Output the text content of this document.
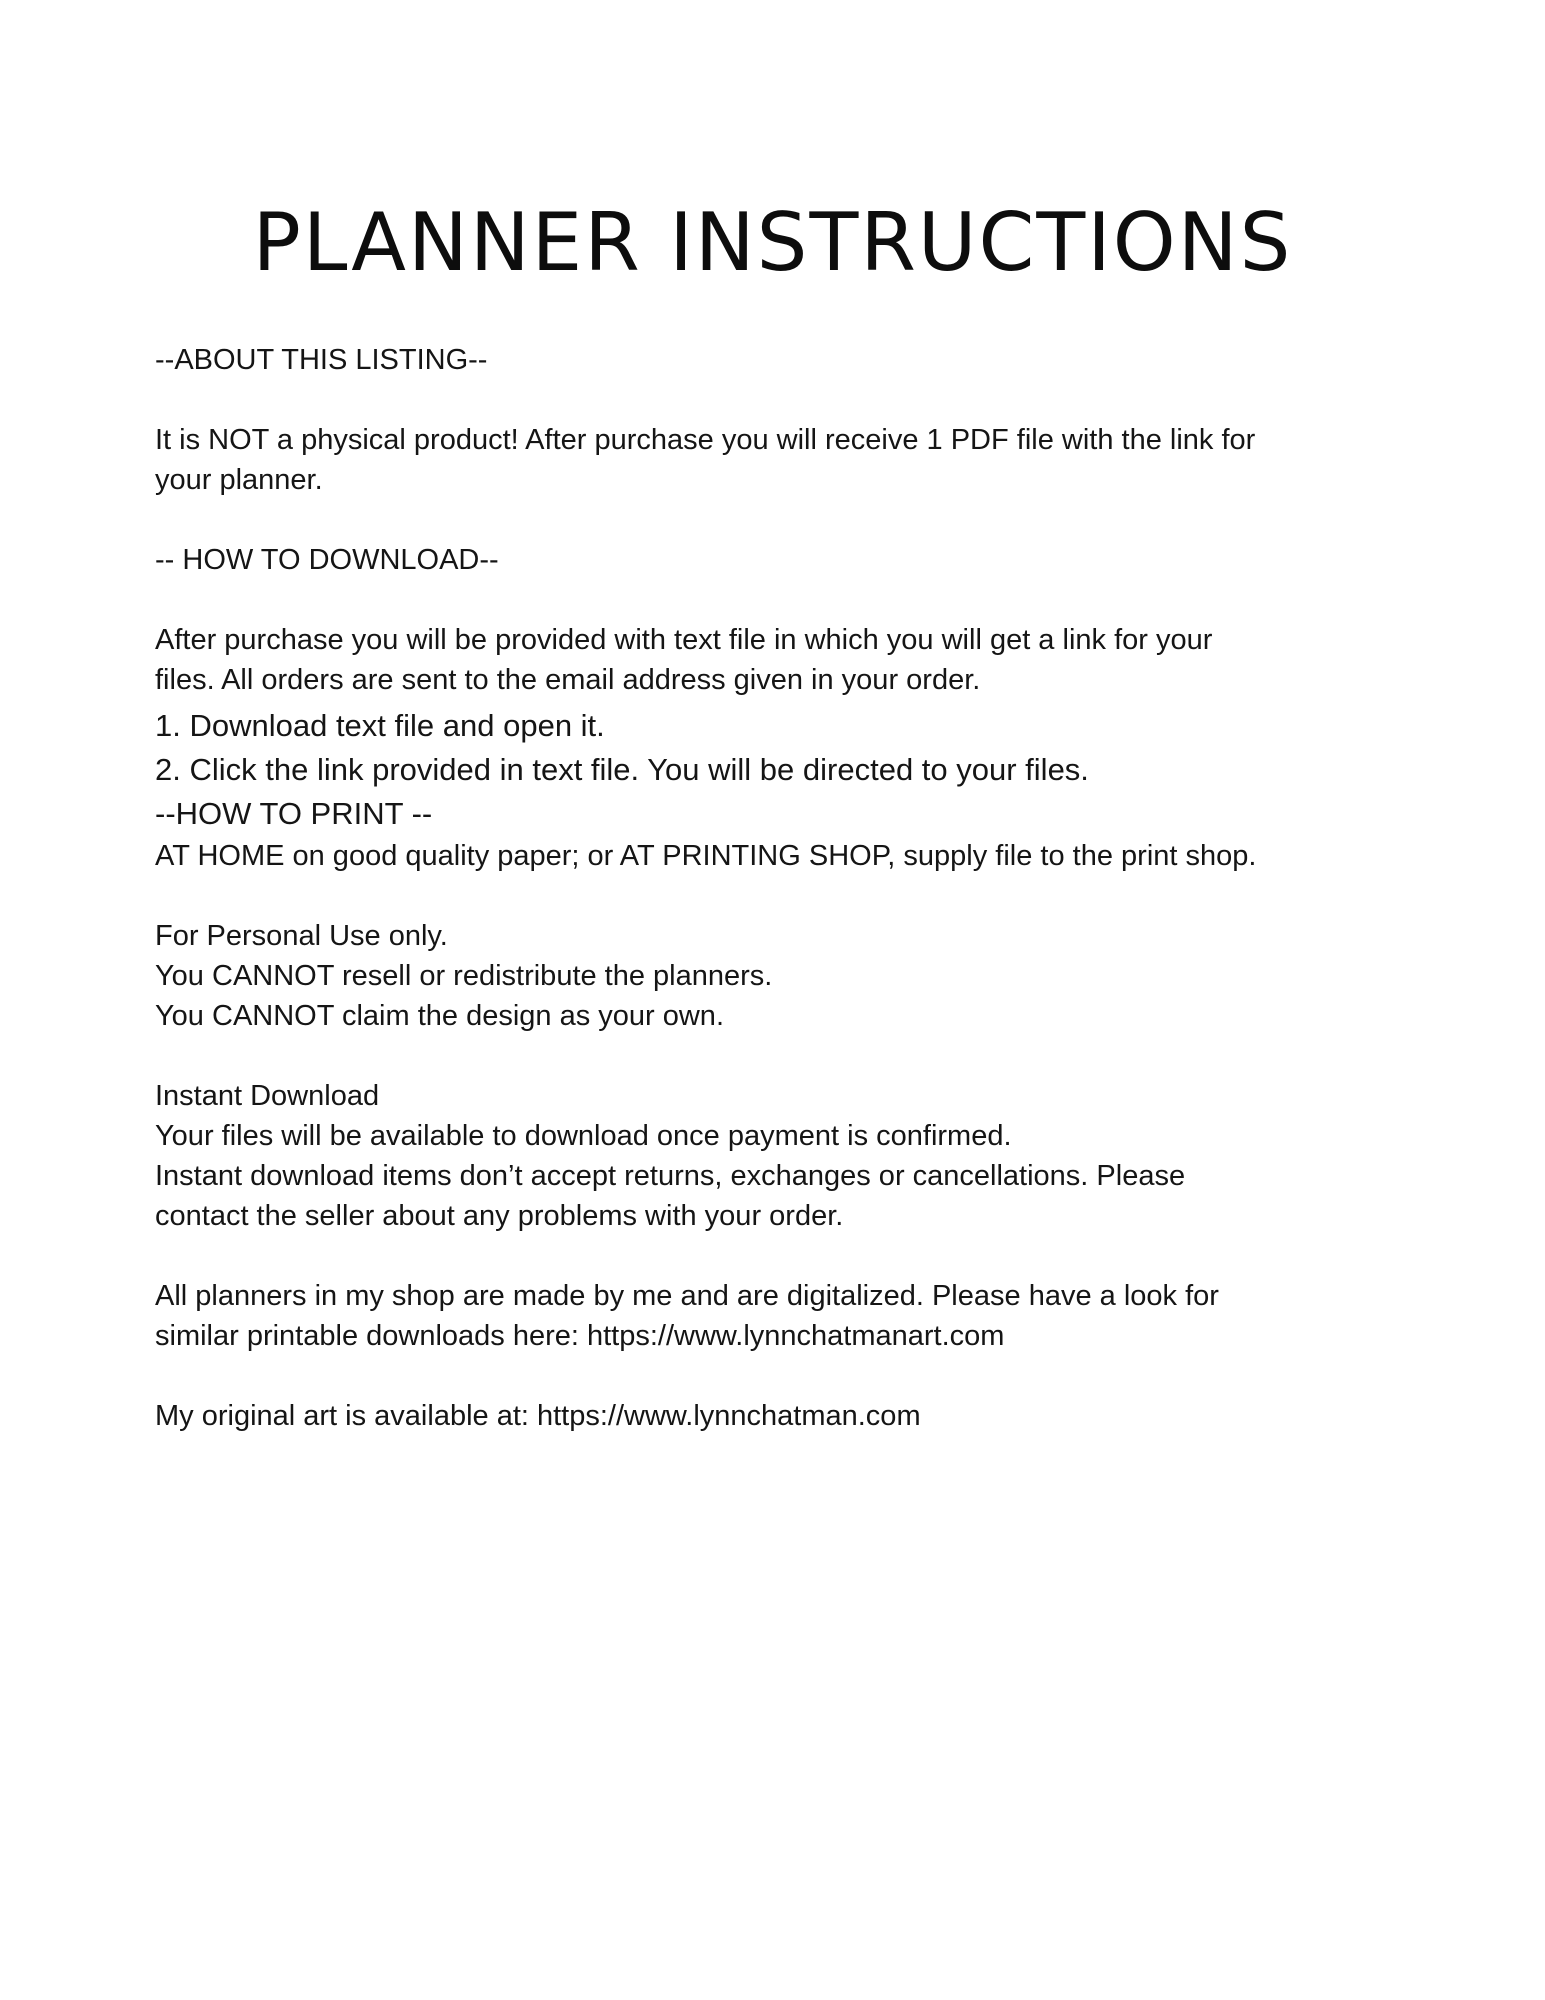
PLANNER INSTRUCTIONS

--ABOUT THIS LISTING--

It is NOT a physical product! After purchase you will receive 1 PDF file with the link for

your planner.

-- HOW TO DOWNLOAD--

After purchase you will be provided with text file in which you will get a link for your

files. All orders are sent to the email address given in your order.

1. Download text file and open it.

2. Click the link provided in text file. You will be directed to your files.

--HOW TO PRINT --

AT HOME on good quality paper; or AT PRINTING SHOP, supply file to the print shop.

For Personal Use only.

You CANNOT resell or redistribute the planners.

You CANNOT claim the design as your own.

Instant Download

Your files will be available to download once payment is confirmed.

Instant download items don’t accept returns, exchanges or cancellations. Please

contact the seller about any problems with your order.

All planners in my shop are made by me and are digitalized. Please have a look for

similar printable downloads here: https://www.lynnchatmanart.com

My original art is available at: https://www.lynnchatman.com
